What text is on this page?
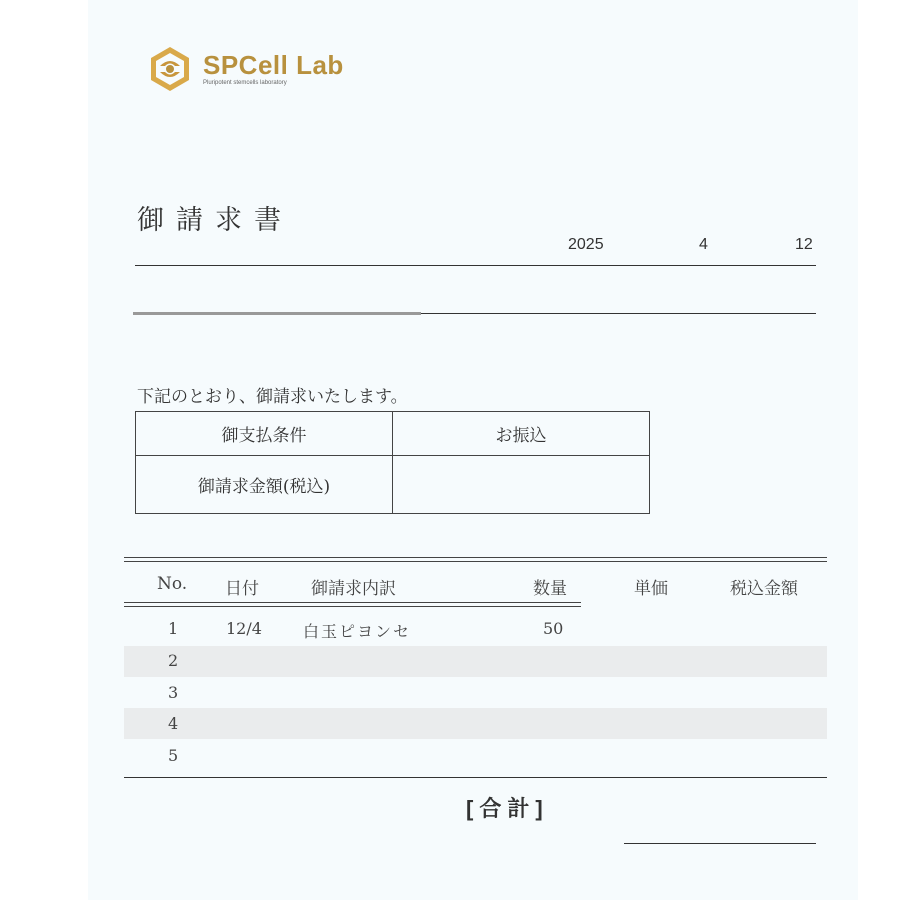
SPCell Lab
Pluripotent stemcells laboratory
御請求書
2025	4	12
下記のとおり、御請求いたします。
御支払条件	お振込
御請求金額(税込)	
No. 日付	御請求内訳	数量	単価	税込金額
1	12/4	白玉ピヨンセ	50
2
3
4
5
[合計]
